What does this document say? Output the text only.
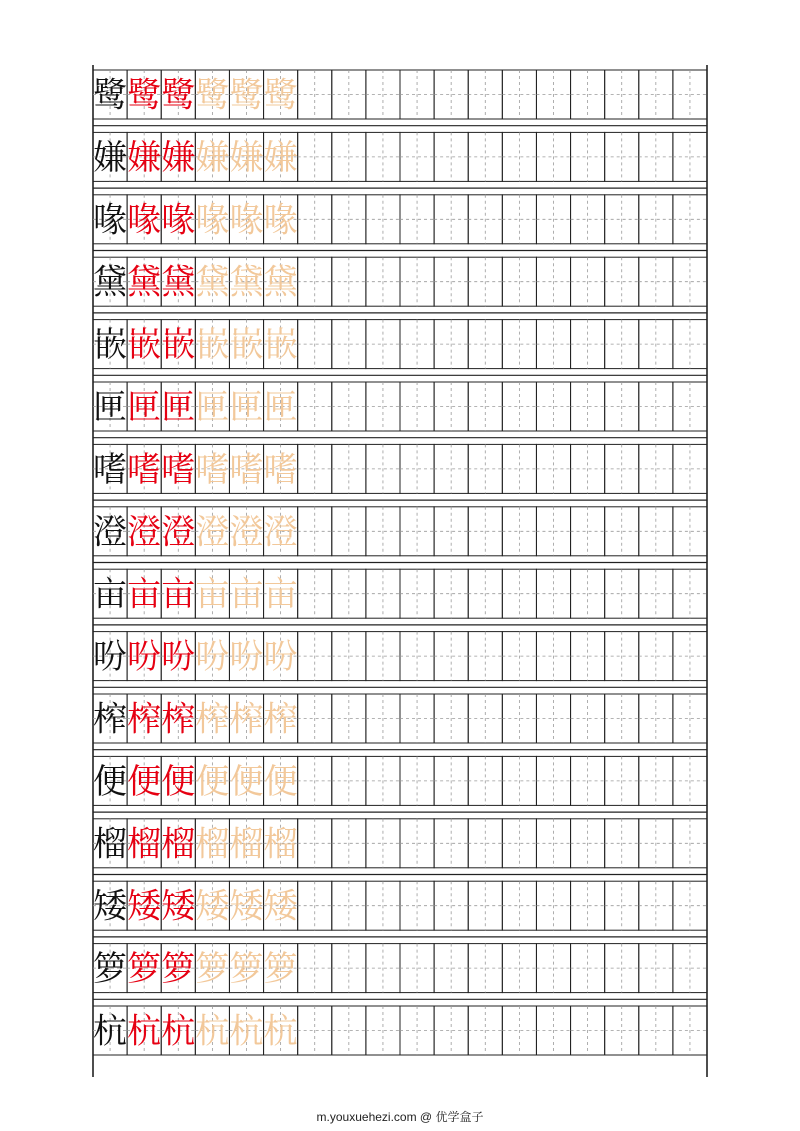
鹭 鹭 鹭 鹭 鹭 鹭
嫌 嫌 嫌 嫌 嫌 嫌
喙 喙 喙 喙 喙 喙
黛 黛 黛 黛 黛 黛
嵌 嵌 嵌 嵌 嵌 嵌
匣 匣 匣 匣 匣 匣
嗜 嗜 嗜 嗜 嗜 嗜
澄 澄 澄 澄 澄 澄
亩 亩 亩 亩 亩 亩
吩 吩 吩 吩 吩 吩
榨 榨 榨 榨 榨 榨
便 便 便 便 便 便
榴 榴 榴 榴 榴 榴
矮 矮 矮 矮 矮 矮
箩 箩 箩 箩 箩 箩
杭 杭 杭 杭 杭 杭
m.youxuehezi.com @ 优学盒子
